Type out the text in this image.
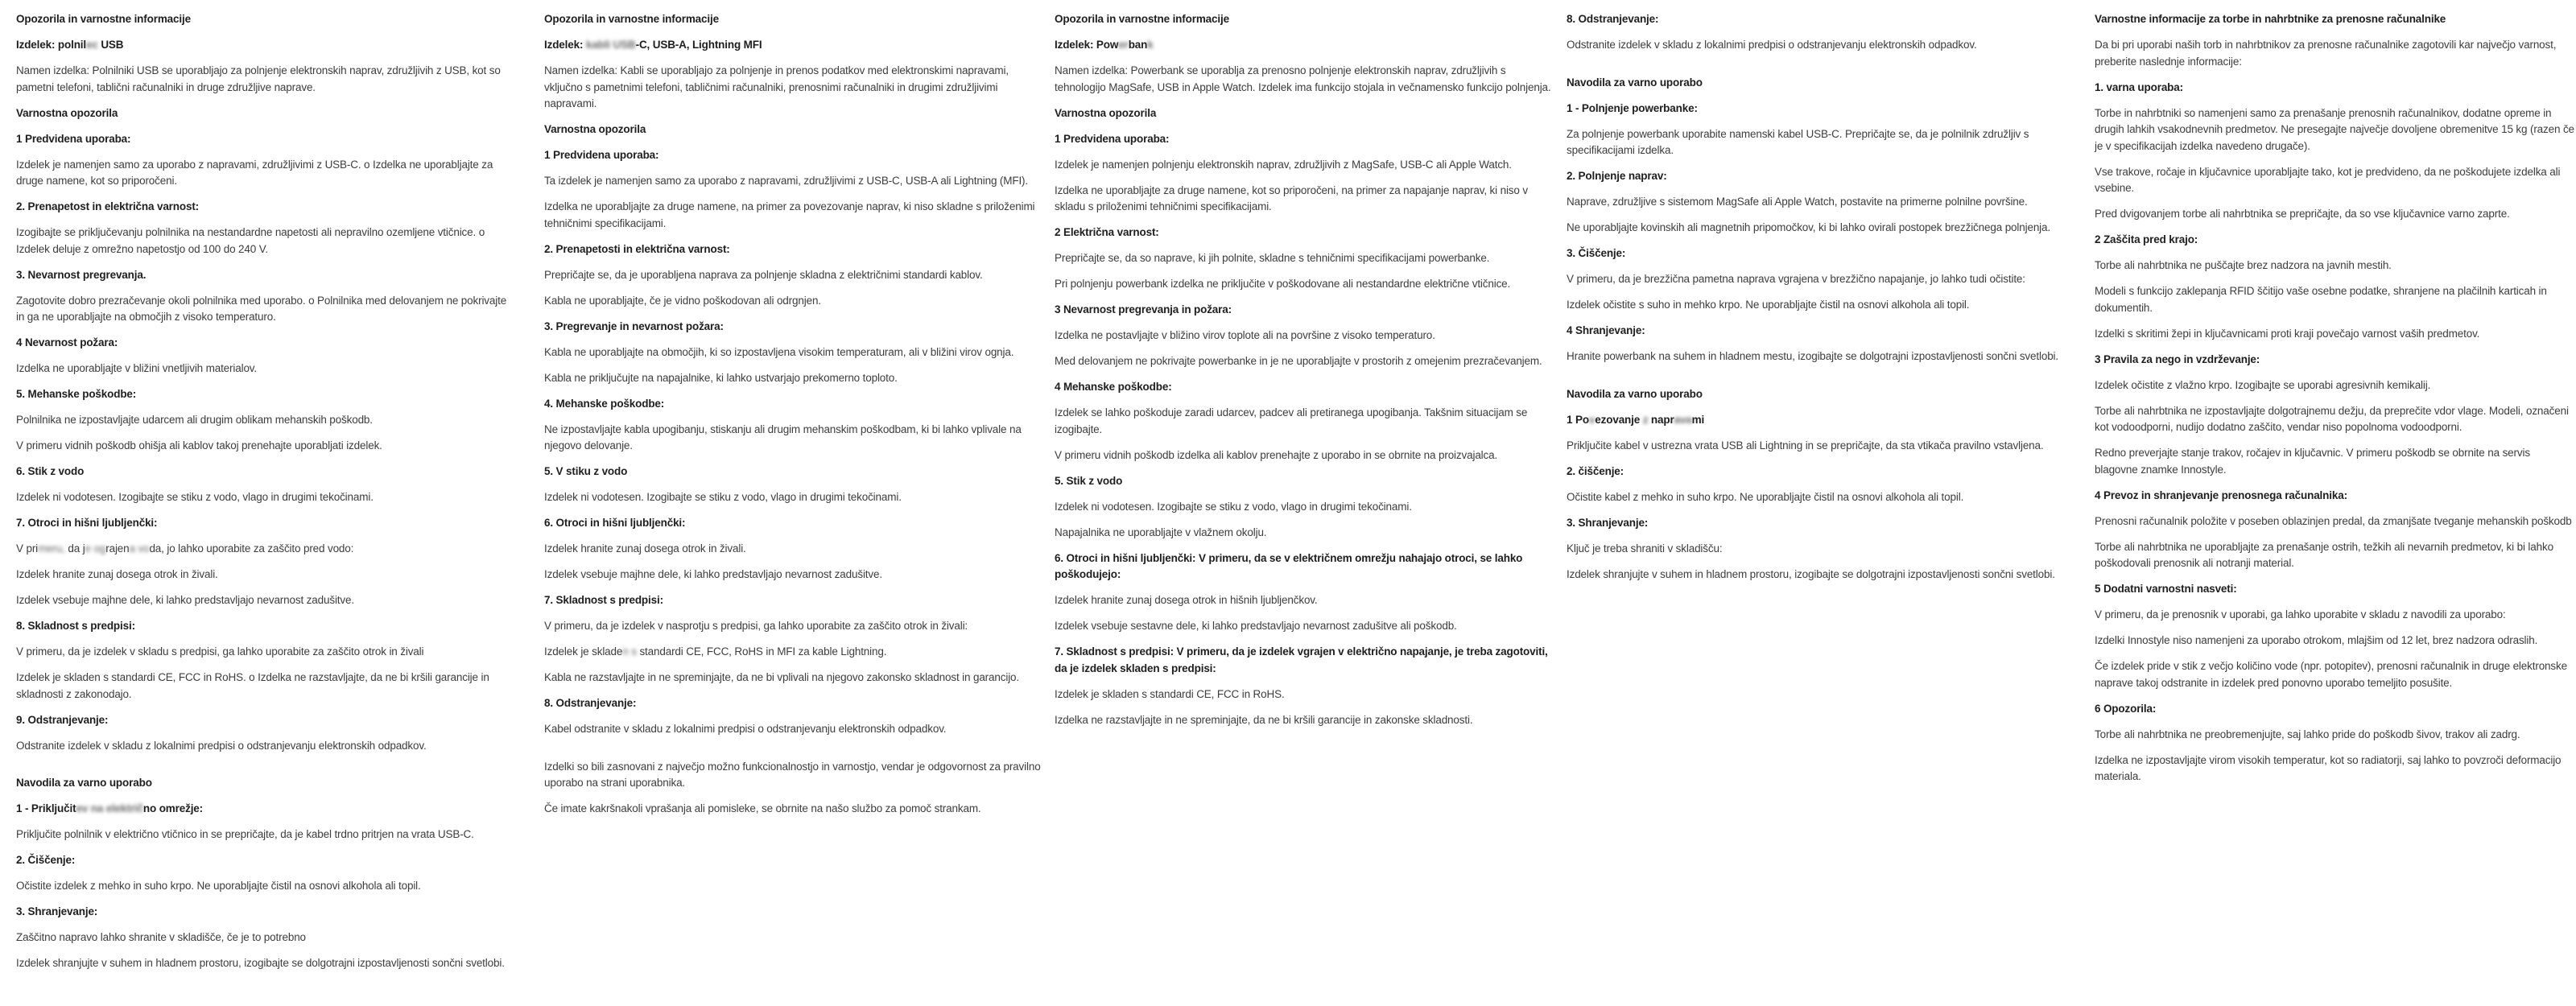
Opozorila in varnostne informacije
Izdelek: polnilec USB

Namen izdelka: Polnilniki USB se uporabljajo za polnjenje elektronskih naprav, združljivih z USB, kot so pametni telefoni, tablični računalniki in druge združljive naprave.

Varnostna opozorila
1 Predvidena uporaba:

Izdelek je namenjen samo za uporabo z napravami, združljivimi z USB-C. o Izdelka ne uporabljajte za druge namene, kot so priporočeni.

2. Prenapetost in električna varnost:

Izogibajte se priključevanju polnilnika na nestandardne napetosti ali nepravilno ozemljene vtičnice. o Izdelek deluje z omrežno napetostjo od 100 do 240 V.

3. Nevarnost pregrevanja.

Zagotovite dobro prezračevanje okoli polnilnika med uporabo. o Polnilnika med delovanjem ne pokrivajte in ga ne uporabljajte na območjih z visoko temperaturo.

4 Nevarnost požara:

Izdelka ne uporabljajte v bližini vnetljivih materialov.

5. Mehanske poškodbe:

Polnilnika ne izpostavljajte udarcem ali drugim oblikam mehanskih poškodb.

V primeru vidnih poškodb ohišja ali kablov takoj prenehajte uporabljati izdelek.

6. Stik z vodo

Izdelek ni vodotesen. Izogibajte se stiku z vodo, vlago in drugimi tekočinami.

7. Otroci in hišni ljubljenčki:

V primeru, da je ograjena voda, jo lahko uporabite za zaščito pred vodo:

Izdelek hranite zunaj dosega otrok in živali.

Izdelek vsebuje majhne dele, ki lahko predstavljajo nevarnost zadušitve.

8. Skladnost s predpisi:

V primeru, da je izdelek v skladu s predpisi, ga lahko uporabite za zaščito otrok in živali

Izdelek je skladen s standardi CE, FCC in RoHS. o Izdelka ne razstavljajte, da ne bi kršili garancije in skladnosti z zakonodajo.

9. Odstranjevanje:

Odstranite izdelek v skladu z lokalnimi predpisi o odstranjevanju elektronskih odpadkov.

Navodila za varno uporabo
1 - Priključitev na električno omrežje:

Priključite polnilnik v električno vtičnico in se prepričajte, da je kabel trdno pritrjen na vrata USB-C.

2. Čiščenje:

Očistite izdelek z mehko in suho krpo. Ne uporabljajte čistil na osnovi alkohola ali topil.

3. Shranjevanje:

Zaščitno napravo lahko shranite v skladišče, če je to potrebno

Izdelek shranjujte v suhem in hladnem prostoru, izogibajte se dolgotrajni izpostavljenosti sončni svetlobi.

Opozorila in varnostne informacije
Izdelek: kabli USB-C, USB-A, Lightning MFI

Namen izdelka: Kabli se uporabljajo za polnjenje in prenos podatkov med elektronskimi napravami, vključno s pametnimi telefoni, tabličnimi računalniki, prenosnimi računalniki in drugimi združljivimi napravami.

Varnostna opozorila
1 Predvidena uporaba:

Ta izdelek je namenjen samo za uporabo z napravami, združljivimi z USB-C, USB-A ali Lightning (MFI).

Izdelka ne uporabljajte za druge namene, na primer za povezovanje naprav, ki niso skladne s priloženimi tehničnimi specifikacijami.

2. Prenapetosti in električna varnost:

Prepričajte se, da je uporabljena naprava za polnjenje skladna z električnimi standardi kablov.

Kabla ne uporabljajte, če je vidno poškodovan ali odrgnjen.

3. Pregrevanje in nevarnost požara:

Kabla ne uporabljajte na območjih, ki so izpostavljena visokim temperaturam, ali v bližini virov ognja.

Kabla ne priključujte na napajalnike, ki lahko ustvarjajo prekomerno toploto.

4. Mehanske poškodbe:

Ne izpostavljajte kabla upogibanju, stiskanju ali drugim mehanskim poškodbam, ki bi lahko vplivale na njegovo delovanje.

5. V stiku z vodo

Izdelek ni vodotesen. Izogibajte se stiku z vodo, vlago in drugimi tekočinami.

6. Otroci in hišni ljubljenčki:

Izdelek hranite zunaj dosega otrok in živali.

Izdelek vsebuje majhne dele, ki lahko predstavljajo nevarnost zadušitve.

7. Skladnost s predpisi:

V primeru, da je izdelek v nasprotju s predpisi, ga lahko uporabite za zaščito otrok in živali:

Izdelek je skladen s standardi CE, FCC, RoHS in MFI za kable Lightning.

Kabla ne razstavljajte in ne spreminjajte, da ne bi vplivali na njegovo zakonsko skladnost in garancijo.

8. Odstranjevanje:

Kabel odstranite v skladu z lokalnimi predpisi o odstranjevanju elektronskih odpadkov.

Izdelki so bili zasnovani z največjo možno funkcionalnostjo in varnostjo, vendar je odgovornost za pravilno uporabo na strani uporabnika.

Če imate kakršnakoli vprašanja ali pomisleke, se obrnite na našo službo za pomoč strankam.

Opozorila in varnostne informacije
Izdelek: Powerbank

Namen izdelka: Powerbank se uporablja za prenosno polnjenje elektronskih naprav, združljivih s tehnologijo MagSafe, USB in Apple Watch. Izdelek ima funkcijo stojala in večnamensko funkcijo polnjenja.

Varnostna opozorila
1 Predvidena uporaba:

Izdelek je namenjen polnjenju elektronskih naprav, združljivih z MagSafe, USB-C ali Apple Watch.

Izdelka ne uporabljajte za druge namene, kot so priporočeni, na primer za napajanje naprav, ki niso v skladu s priloženimi tehničnimi specifikacijami.

2 Električna varnost:

Prepričajte se, da so naprave, ki jih polnite, skladne s tehničnimi specifikacijami powerbanke.

Pri polnjenju powerbank izdelka ne priključite v poškodovane ali nestandardne električne vtičnice.

3 Nevarnost pregrevanja in požara:

Izdelka ne postavljajte v bližino virov toplote ali na površine z visoko temperaturo.

Med delovanjem ne pokrivajte powerbanke in je ne uporabljajte v prostorih z omejenim prezračevanjem.

4 Mehanske poškodbe:

Izdelek se lahko poškoduje zaradi udarcev, padcev ali pretiranega upogibanja. Takšnim situacijam se izogibajte.

V primeru vidnih poškodb izdelka ali kablov prenehajte z uporabo in se obrnite na proizvajalca.

5. Stik z vodo

Izdelek ni vodotesen. Izogibajte se stiku z vodo, vlago in drugimi tekočinami.

Napajalnika ne uporabljajte v vlažnem okolju.

6. Otroci in hišni ljubljenčki: V primeru, da se v električnem omrežju nahajajo otroci, se lahko poškodujejo:

Izdelek hranite zunaj dosega otrok in hišnih ljubljenčkov.

Izdelek vsebuje sestavne dele, ki lahko predstavljajo nevarnost zadušitve ali poškodb.

7. Skladnost s predpisi: V primeru, da je izdelek vgrajen v električno napajanje, je treba zagotoviti, da je izdelek skladen s predpisi:

Izdelek je skladen s standardi CE, FCC in RoHS.

Izdelka ne razstavljajte in ne spreminjajte, da ne bi kršili garancije in zakonske skladnosti.

8. Odstranjevanje:

Odstranite izdelek v skladu z lokalnimi predpisi o odstranjevanju elektronskih odpadkov.

Navodila za varno uporabo
1 - Polnjenje powerbanke:

Za polnjenje powerbank uporabite namenski kabel USB-C. Prepričajte se, da je polnilnik združljiv s specifikacijami izdelka.

2. Polnjenje naprav:

Naprave, združljive s sistemom MagSafe ali Apple Watch, postavite na primerne polnilne površine.

Ne uporabljajte kovinskih ali magnetnih pripomočkov, ki bi lahko ovirali postopek brezžičnega polnjenja.

3. Čiščenje:

V primeru, da je brezžična pametna naprava vgrajena v brezžično napajanje, jo lahko tudi očistite:

Izdelek očistite s suho in mehko krpo. Ne uporabljajte čistil na osnovi alkohola ali topil.

4 Shranjevanje:

Hranite powerbank na suhem in hladnem mestu, izogibajte se dolgotrajni izpostavljenosti sončni svetlobi.

Navodila za varno uporabo
1 Povezovanje z napravami

Priključite kabel v ustrezna vrata USB ali Lightning in se prepričajte, da sta vtikača pravilno vstavljena.

2. čiščenje:

Očistite kabel z mehko in suho krpo. Ne uporabljajte čistil na osnovi alkohola ali topil.

3. Shranjevanje:

Ključ je treba shraniti v skladišču:

Izdelek shranjujte v suhem in hladnem prostoru, izogibajte se dolgotrajni izpostavljenosti sončni svetlobi.

Varnostne informacije za torbe in nahrbtnike za prenosne računalnike

Da bi pri uporabi naših torb in nahrbtnikov za prenosne računalnike zagotovili kar največjo varnost, preberite naslednje informacije:

1. varna uporaba:

Torbe in nahrbtniki so namenjeni samo za prenašanje prenosnih računalnikov, dodatne opreme in drugih lahkih vsakodnevnih predmetov. Ne presegajte največje dovoljene obremenitve 15 kg (razen če je v specifikacijah izdelka navedeno drugače).

Vse trakove, ročaje in ključavnice uporabljajte tako, kot je predvideno, da ne poškodujete izdelka ali vsebine.

Pred dvigovanjem torbe ali nahrbtnika se prepričajte, da so vse ključavnice varno zaprte.

2 Zaščita pred krajo:

Torbe ali nahrbtnika ne puščajte brez nadzora na javnih mestih.

Modeli s funkcijo zaklepanja RFID ščitijo vaše osebne podatke, shranjene na plačilnih karticah in dokumentih.

Izdelki s skritimi žepi in ključavnicami proti kraji povečajo varnost vaših predmetov.

3 Pravila za nego in vzdrževanje:

Izdelek očistite z vlažno krpo. Izogibajte se uporabi agresivnih kemikalij.

Torbe ali nahrbtnika ne izpostavljajte dolgotrajnemu dežju, da preprečite vdor vlage. Modeli, označeni kot vodoodporni, nudijo dodatno zaščito, vendar niso popolnoma vodoodporni.

Redno preverjajte stanje trakov, ročajev in ključavnic. V primeru poškodb se obrnite na servis blagovne znamke Innostyle.

4 Prevoz in shranjevanje prenosnega računalnika:

Prenosni računalnik položite v poseben oblazinjen predal, da zmanjšate tveganje mehanskih poškodb

Torbe ali nahrbtnika ne uporabljajte za prenašanje ostrih, težkih ali nevarnih predmetov, ki bi lahko poškodovali prenosnik ali notranji material.

5 Dodatni varnostni nasveti:

V primeru, da je prenosnik v uporabi, ga lahko uporabite v skladu z navodili za uporabo:

Izdelki Innostyle niso namenjeni za uporabo otrokom, mlajšim od 12 let, brez nadzora odraslih.

Če izdelek pride v stik z večjo količino vode (npr. potopitev), prenosni računalnik in druge elektronske naprave takoj odstranite in izdelek pred ponovno uporabo temeljito posušite.

6 Opozorila:

Torbe ali nahrbtnika ne preobremenjujte, saj lahko pride do poškodb šivov, trakov ali zadrg.

Izdelka ne izpostavljajte virom visokih temperatur, kot so radiatorji, saj lahko to povzroči deformacijo materiala.
